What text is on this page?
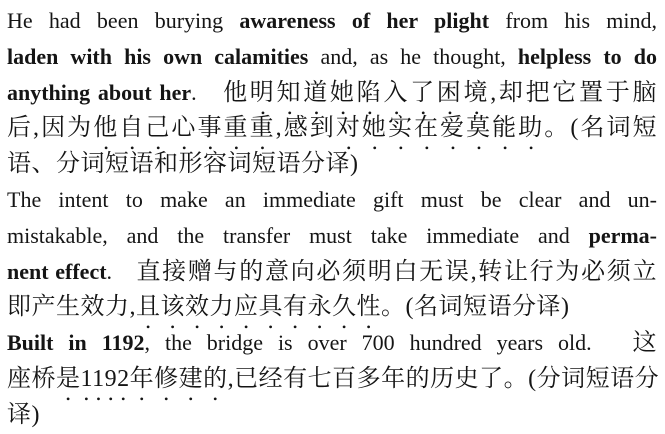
He had been burying awareness of her plight from his mind,
laden with his own calamities and, as he thought, helpless to do
anything about her.　他明知道她陷入了困境,却把它置于脑
后,因为他自己心事重重,感到对她实在爱莫能助。(名词短
语、分词短语和形容词短语分译)
The intent to make an immediate gift must be clear and un-
mistakable, and the transfer must take immediate and perma-
nent effect.　直接赠与的意向必须明白无误,转让行为必须立
即产生效力,且该效力应具有永久性。(名词短语分译)
Built in 1192, the bridge is over 700 hundred years old.　这
座桥是1192年修建的,已经有七百多年的历史了。(分词短语分
译)
